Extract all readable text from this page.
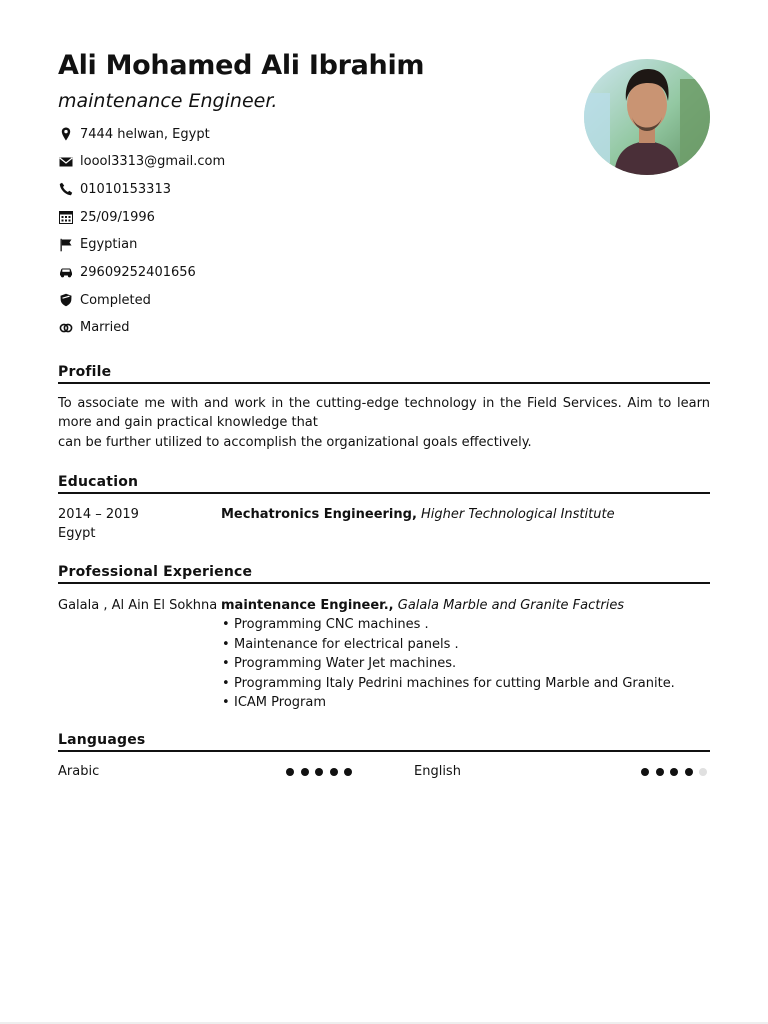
Ali Mohamed Ali Ibrahim
maintenance Engineer.
7444 helwan, Egypt
loool3313@gmail.com
01010153313
25/09/1996
Egyptian
29609252401656
Completed
Married
Profile

To associate me with and work in the cutting-edge technology in the Field Services. Aim to learn more and gain practical knowledge that

can be further utilized to accomplish the organizational goals effectively.

Education
2014 – 2019
Egypt
Mechatronics Engineering, Higher Technological Institute
Professional Experience
Galala , Al Ain El Sokhna maintenance Engineer., Galala Marble and Granite Factries
• Programming CNC machines .
• Maintenance for electrical panels .
• Programming Water Jet machines.
• Programming Italy Pedrini machines for cutting Marble and Granite.
• ICAM Program
Languages
Arabic	English
